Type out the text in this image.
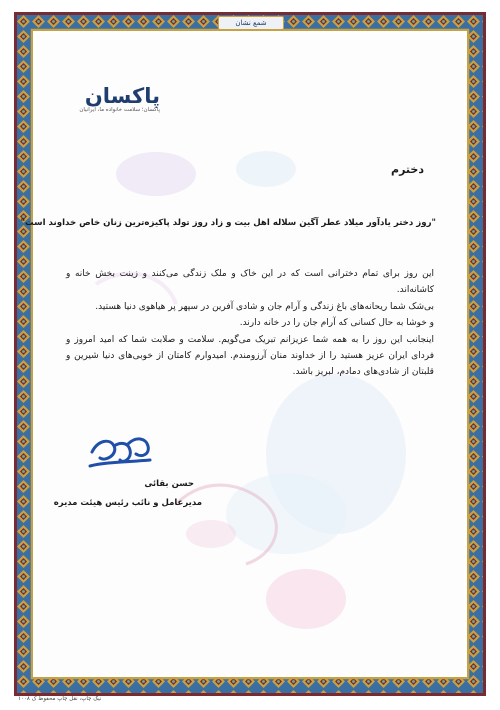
شمع نشان
پاکسان
پاکسان؛ سلامت خانواده ما، ایرانیان
دخترم
"روز دختر یادآور میلاد عطر آگین سلاله اهل بیت و زاد روز تولد پاکیزه‌ترین زنان خاص خداوند است"

این روز برای تمام دخترانی است که در این خاک و ملک زندگی می‌کنند و زینت بخش خانه و کاشانه‌اند.

بی‌شک شما ریحانه‌های باغ زندگی و آرام جان و شادی آفرین در سپهر پر هیاهوی دنیا هستید.

و خوشا به حال کسانی که آرام جان را در خانه دارند.

اینجانب این روز را به همه شما عزیزانم تبریک می‌گویم. سلامت و صلابت شما که امید امروز و فردای ایران عزیز هستید را از خداوند منان آرزومندم. امیدوارم کامتان از خوبی‌های دنیا شیرین و قلبتان از شادی‌های دمادم، لبریز باشد.

حسن بقائی
مدیرعامل و نائب رئیس هیئت مدیره
نیک چاپ، نقل چاپ محفوظ ک ۱۰۰۸
